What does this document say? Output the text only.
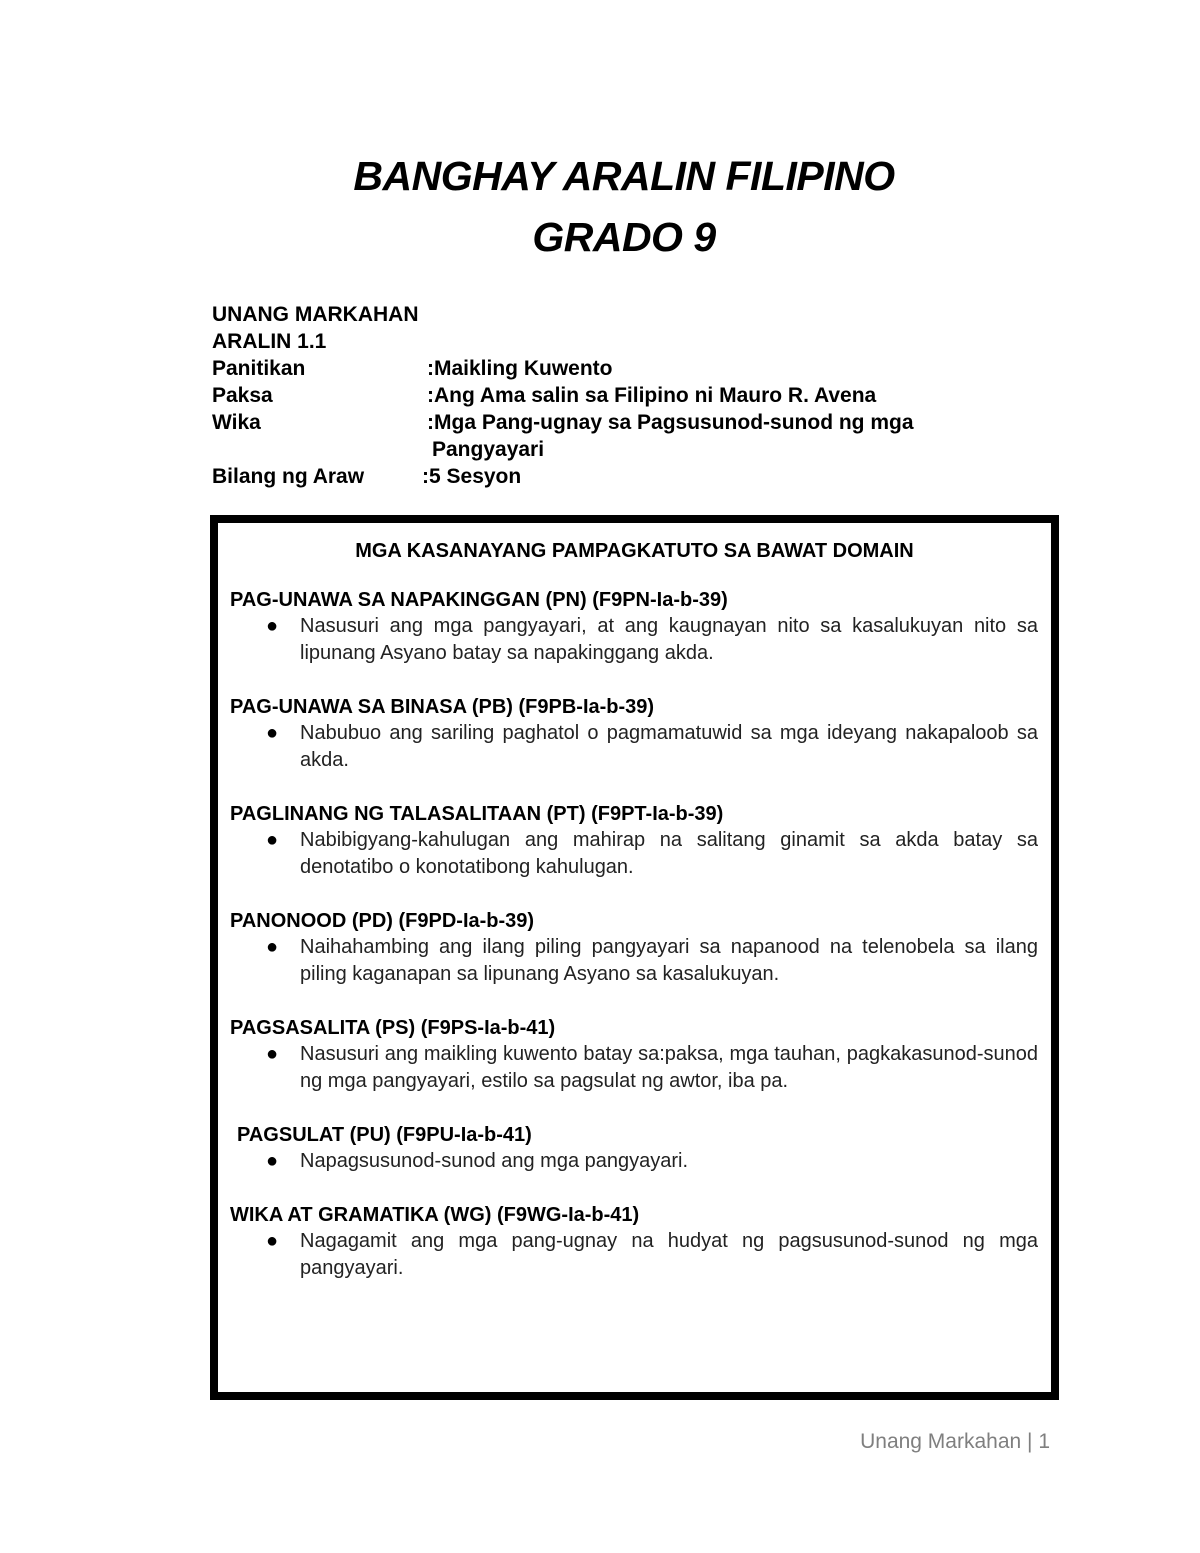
BANGHAY ARALIN FILIPINO
GRADO 9
UNANG MARKAHAN
ARALIN 1.1
Panitikan	:Maikling Kuwento
Paksa	:Ang Ama salin sa Filipino ni Mauro R. Avena
Wika	:Mga Pang-ugnay sa Pagsusunod-sunod ng mga
Pangyayari
Bilang ng Araw	:5 Sesyon
MGA KASANAYANG PAMPAGKATUTO SA BAWAT DOMAIN
PAG-UNAWA SA NAPAKINGGAN (PN) (F9PN-Ia-b-39)
●	Nasusuri ang mga pangyayari, at ang kaugnayan nito sa kasalukuyan nito sa lipunang Asyano batay sa napakinggang akda.
PAG-UNAWA SA BINASA (PB) (F9PB-Ia-b-39)
●	Nabubuo ang sariling paghatol o pagmamatuwid sa mga ideyang nakapaloob sa akda.
PAGLINANG NG TALASALITAAN (PT) (F9PT-Ia-b-39)
●	Nabibigyang-kahulugan ang mahirap na salitang ginamit sa akda batay sa denotatibo o konotatibong kahulugan.
PANONOOD (PD) (F9PD-Ia-b-39)
●	Naihahambing ang ilang piling pangyayari sa napanood na telenobela sa ilang piling kaganapan sa lipunang Asyano sa kasalukuyan.
PAGSASALITA (PS) (F9PS-Ia-b-41)
●	Nasusuri ang maikling kuwento batay sa:paksa, mga tauhan, pagkakasunod-sunod ng mga pangyayari, estilo sa pagsulat ng awtor, iba pa.
PAGSULAT (PU) (F9PU-Ia-b-41)
●	Napagsusunod-sunod ang mga pangyayari.
WIKA AT GRAMATIKA (WG) (F9WG-Ia-b-41)
●	Nagagamit ang mga pang-ugnay na hudyat ng pagsusunod-sunod ng mga pangyayari.
Unang Markahan | 1
